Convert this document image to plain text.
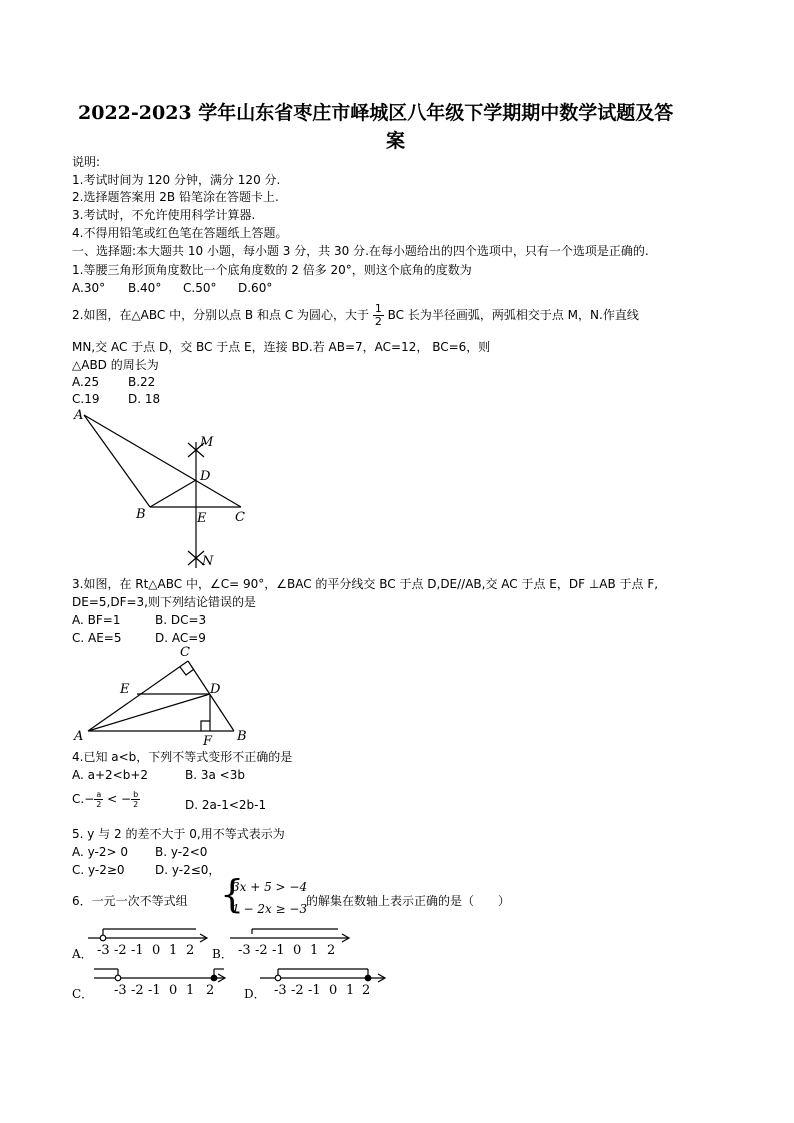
2022-2023 学年山东省枣庄市峄城区八年级下学期期中数学试题及答
案
说明:
1.考试时间为 120 分钟，满分 120 分.
2.选择题答案用 2B 铅笔涂在答题卡上.
3.考试时，不允许使用科学计算器.
4.不得用铅笔或红色笔在答题纸上答题。
一、选择题:本大题共 10 小题，每小题 3 分，共 30 分.在每小题给出的四个选项中，只有一个选项是正确的.
1.等腰三角形顶角度数比一个底角度数的 2 倍多 20°，则这个底角的度数为
A.30° B.40° C.50° D.60°
2.如图，在△ABC 中，分别以点 B 和点 C 为圆心，大于 $\frac{1}{2}$ BC 长为半径画弧，两弧相交于点 M，N.作直线
MN,交 AC 于点 D，交 BC 于点 E，连接 BD.若 AB=7，AC=12， BC=6，则
△ABD 的周长为
A.25 B.22
C.19 D. 18
A
M
D
B	E C
N
3.如图，在 Rt△ABC 中，∠C= 90°，∠BAC 的平分线交 BC 于点 D,DE//AB,交 AC 于点 E，DF ⊥AB 于点 F,
DE=5,DF=3,则下列结论错误的是
A. BF=1	B. DC=3
C. AE=5	D. AC=9
C
E	D
A	F B
4.已知 a<b，下列不等式变形不正确的是
A. a+2<b+2	B. 3a <3b
$C.- \frac{a}{2}$ < − $\frac{b}{2}$	D. 2a-1<2b-1
5. y 与 2 的差不大于 0,用不等式表示为
A. y-2> 0 B. y-2<0
C. y-2≥0	D. y-2≤0，
6．一元一次不等式组 {
3x + 5 > −4
1 − 2x ≥ −3
的解集在数轴上表示正确的是（　　）
A． -3 -2 -1 0 1 2 B． -3 -2 -1 0 1 2
C． -3 -2 -1 0 1 2 D． -3 -2 -1 0 1 2
